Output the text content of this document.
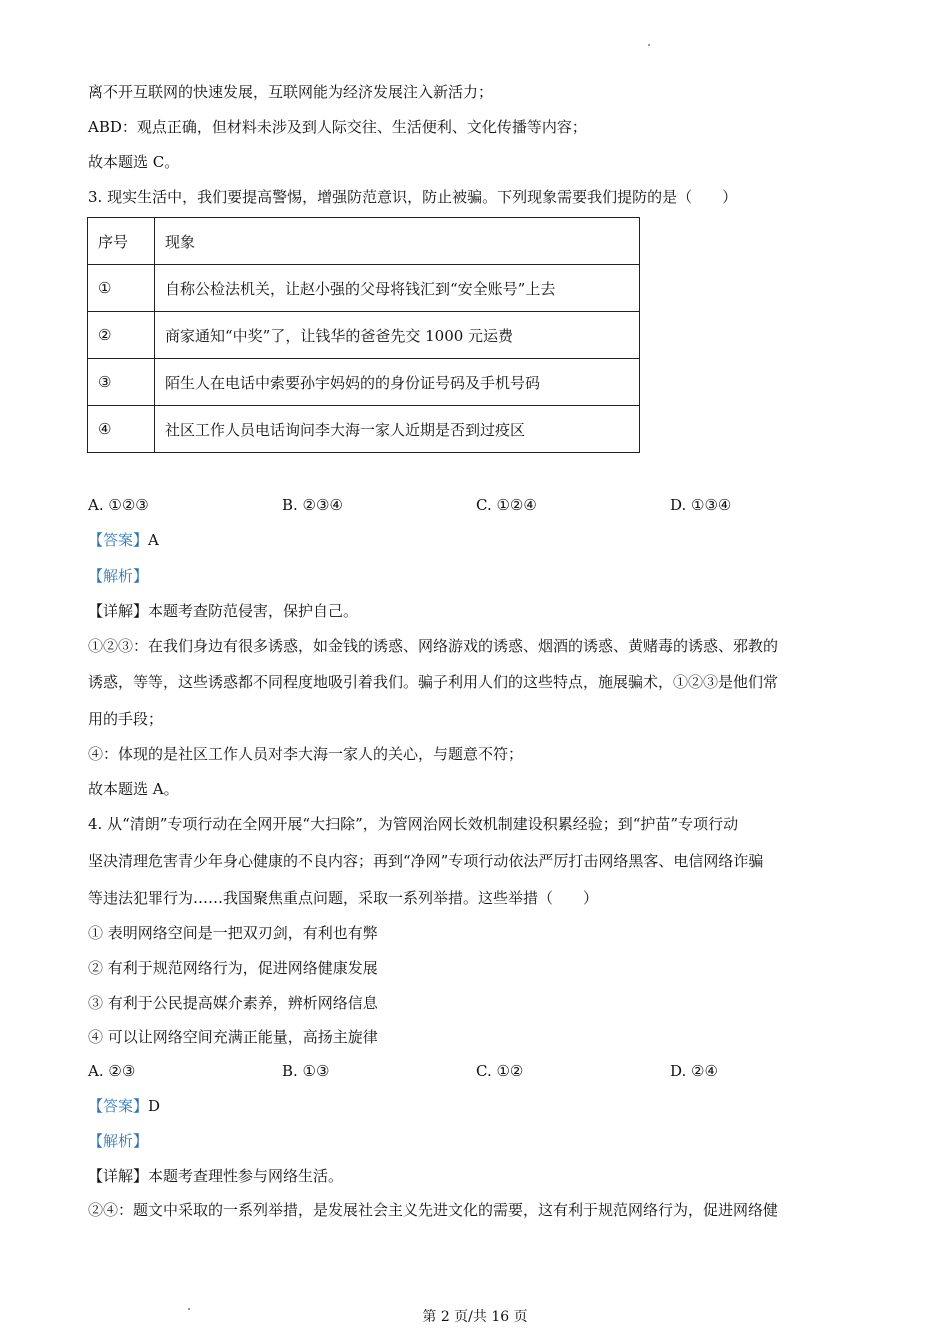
离不开互联网的快速发展，互联网能为经济发展注入新活力；
ABD：观点正确，但材料未涉及到人际交往、生活便利、文化传播等内容；
故本题选 C。
3. 现实生活中，我们要提高警惕，增强防范意识，防止被骗。下列现象需要我们提防的是（　　）
序号	现象
①	自称公检法机关，让赵小强的父母将钱汇到“安全账号”上去
②	商家通知“中奖”了，让钱华的爸爸先交 1000 元运费
③	陌生人在电话中索要孙宇妈妈的的身份证号码及手机号码
④	社区工作人员电话询问李大海一家人近期是否到过疫区
A. ①②③	B. ②③④	C. ①②④	D. ①③④
【答案】A
【解析】
【详解】本题考查防范侵害，保护自己。
①②③：在我们身边有很多诱惑，如金钱的诱惑、网络游戏的诱惑、烟酒的诱惑、黄赌毒的诱惑、邪教的
诱惑，等等，这些诱惑都不同程度地吸引着我们。骗子利用人们的这些特点，施展骗术，①②③是他们常
用的手段；
④：体现的是社区工作人员对李大海一家人的关心，与题意不符；
故本题选 A。
4. 从“清朗”专项行动在全网开展“大扫除”，为管网治网长效机制建设积累经验；到“护苗”专项行动
坚决清理危害青少年身心健康的不良内容；再到“净网”专项行动依法严厉打击网络黑客、电信网络诈骗
等违法犯罪行为……我国聚焦重点问题，采取一系列举措。这些举措（　　）
① 表明网络空间是一把双刃剑，有利也有弊
② 有利于规范网络行为，促进网络健康发展
③ 有利于公民提高媒介素养，辨析网络信息
④ 可以让网络空间充满正能量，高扬主旋律
A. ②③	B. ①③	C. ①②	D. ②④
【答案】D
【解析】
【详解】本题考查理性参与网络生活。
②④：题文中采取的一系列举措，是发展社会主义先进文化的需要，这有利于规范网络行为，促进网络健
第 2 页/共 16 页
